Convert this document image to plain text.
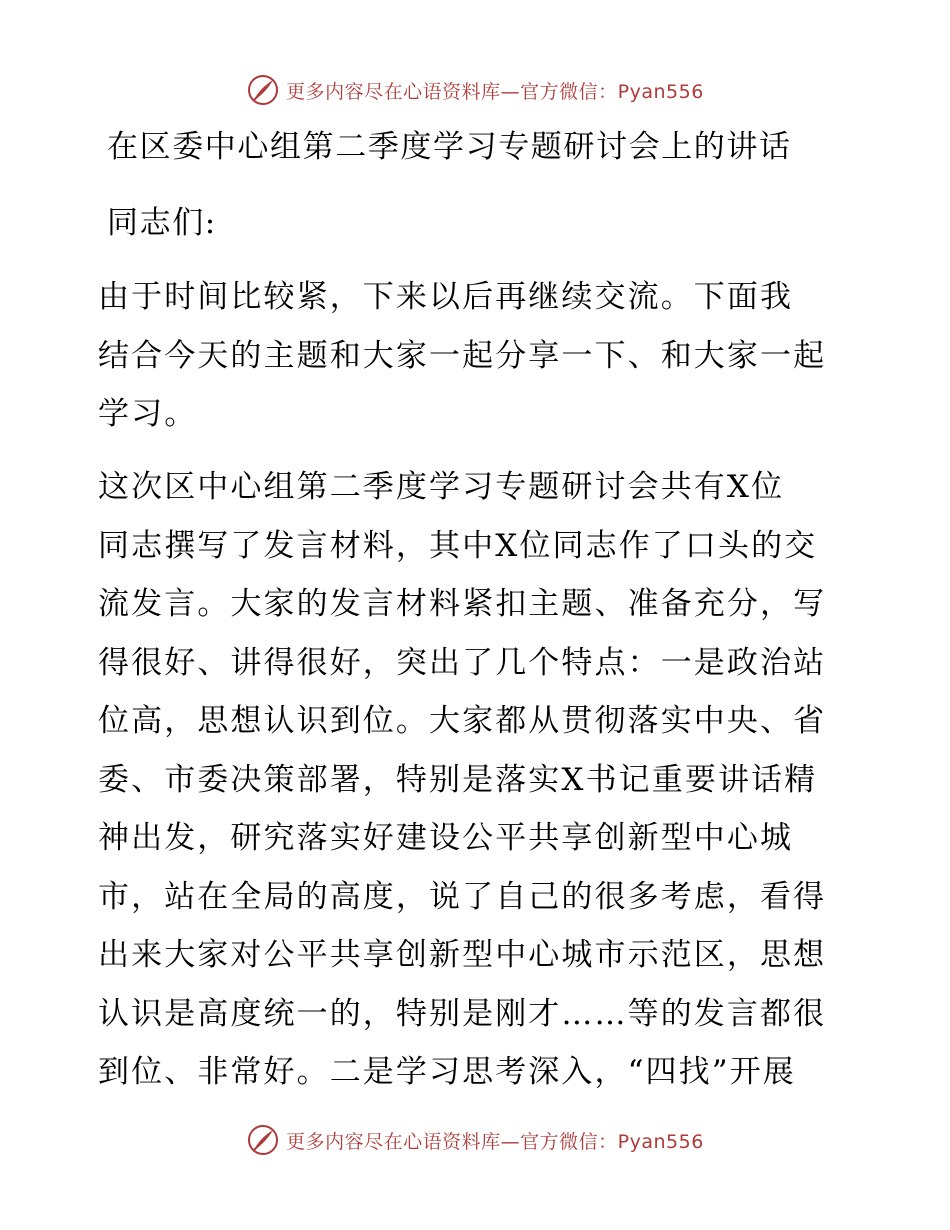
更多内容尽在心语资料库—官方微信：Pyan556
在区委中心组第二季度学习专题研讨会上的讲话
同志们:
由于时间比较紧，下来以后再继续交流。下面我
结合今天的主题和大家一起分享一下、和大家一起
学习。
这次区中心组第二季度学习专题研讨会共有X位
同志撰写了发言材料，其中X位同志作了口头的交
流发言。大家的发言材料紧扣主题、准备充分，写
得很好、讲得很好，突出了几个特点：一是政治站
位高，思想认识到位。大家都从贯彻落实中央、省
委、市委决策部署，特别是落实X书记重要讲话精
神出发，研究落实好建设公平共享创新型中心城
市，站在全局的高度，说了自己的很多考虑，看得
出来大家对公平共享创新型中心城市示范区，思想
认识是高度统一的，特别是刚才……等的发言都很
到位、非常好。二是学习思考深入，“四找”开展
更多内容尽在心语资料库—官方微信：Pyan556
